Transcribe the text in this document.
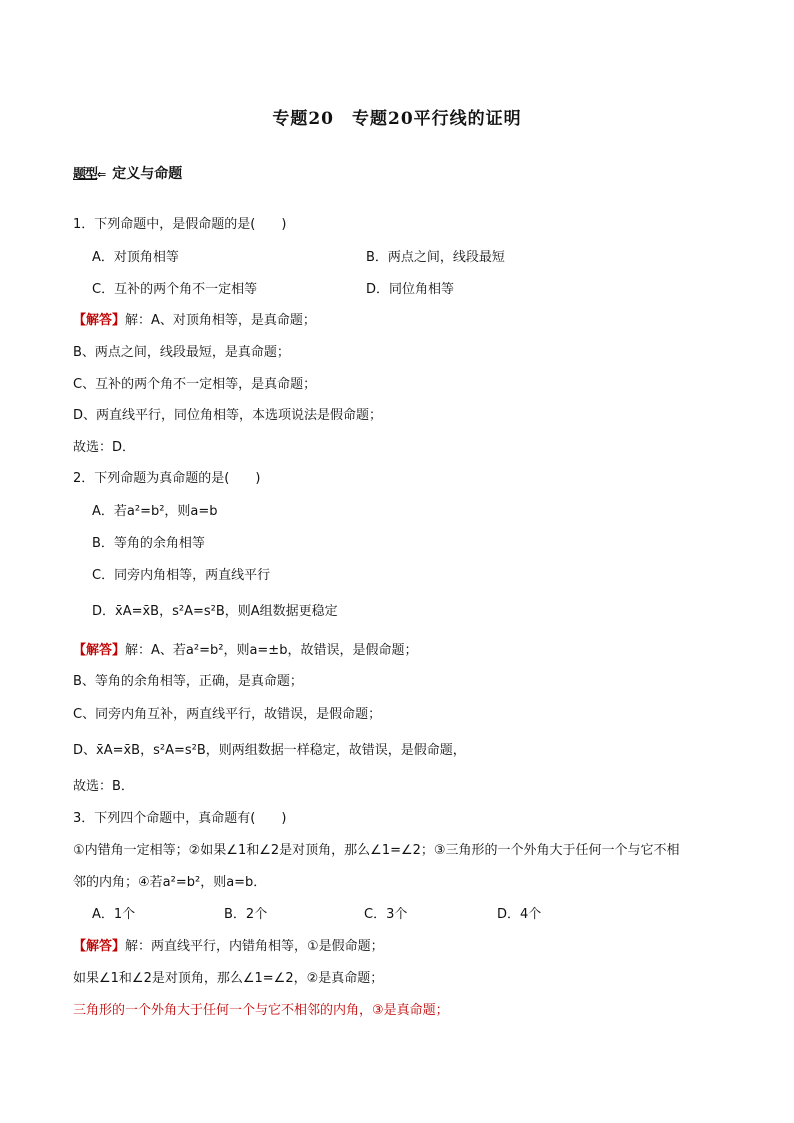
专题20　专题20平行线的证明
题型⇐ 定义与命题
1．下列命题中，是假命题的是(　　)
A．对顶角相等	B．两点之间，线段最短
C．互补的两个角不一定相等	D．同位角相等
【解答】解：A、对顶角相等，是真命题；
B、两点之间，线段最短，是真命题；
C、互补的两个角不一定相等，是真命题；
D、两直线平行，同位角相等，本选项说法是假命题；
故选：D．
2．下列命题为真命题的是(　　)
A．若a²=b²，则a=b
B．等角的余角相等
C．同旁内角相等，两直线平行
D．x̄A=x̄B，s²A=s²B，则A组数据更稳定
【解答】解：A、若a²=b²，则a=±b，故错误，是假命题；
B、等角的余角相等，正确，是真命题；
C、同旁内角互补，两直线平行，故错误，是假命题；
D、x̄A=x̄B，s²A=s²B，则两组数据一样稳定，故错误，是假命题，
故选：B．
3．下列四个命题中，真命题有(　　)
①内错角一定相等；②如果∠1和∠2是对顶角，那么∠1=∠2；③三角形的一个外角大于任何一个与它不相
邻的内角；④若a²=b²，则a=b．
A．1个	B．2个	C．3个	D．4个
【解答】解：两直线平行，内错角相等，①是假命题；
如果∠1和∠2是对顶角，那么∠1=∠2，②是真命题；
三角形的一个外角大于任何一个与它不相邻的内角，③是真命题；
